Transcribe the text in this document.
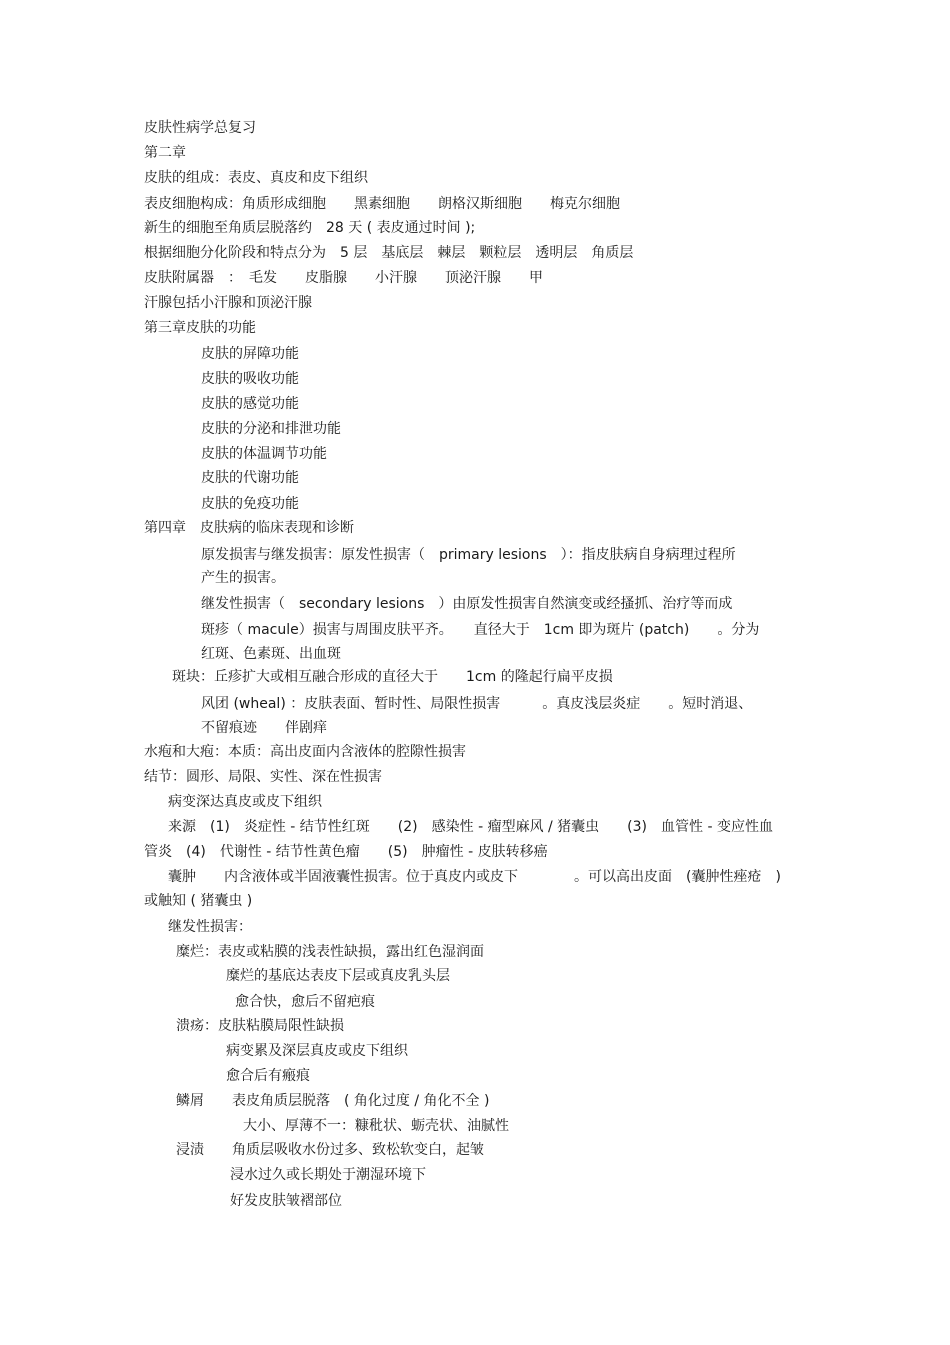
皮肤性病学总复习
第二章
皮肤的组成：表皮、真皮和皮下组织
表皮细胞构成：角质形成细胞　　黑素细胞　　朗格汉斯细胞　　梅克尔细胞
新生的细胞至角质层脱落约　28 天 ( 表皮通过时间 );
根据细胞分化阶段和特点分为　5 层　基底层　棘层　颗粒层　透明层　角质层
皮肤附属器　：　毛发　　皮脂腺　　小汗腺　　顶泌汗腺　　甲
汗腺包括小汗腺和顶泌汗腺
第三章皮肤的功能
皮肤的屏障功能
皮肤的吸收功能
皮肤的感觉功能
皮肤的分泌和排泄功能
皮肤的体温调节功能
皮肤的代谢功能
皮肤的免疫功能
第四章　皮肤病的临床表现和诊断
原发损害与继发损害：原发性损害（　primary lesions　）：指皮肤病自身病理过程所
产生的损害。
继发性损害（　secondary lesions　）由原发性损害自然演变或经搔抓、治疗等而成
斑疹（ macule）损害与周围皮肤平齐。　　直径大于　1cm 即为斑片 (patch)　　。分为
红斑、色素斑、出血斑
斑块：丘疹扩大或相互融合形成的直径大于　　1cm 的隆起行扁平皮损
风团 (wheal) ：皮肤表面、暂时性、局限性损害　　　。真皮浅层炎症　　。短时消退、
不留痕迹　　伴剧痒
水疱和大疱：本质：高出皮面内含液体的腔隙性损害
结节：圆形、局限、实性、深在性损害
病变深达真皮或皮下组织
来源　(1)　炎症性 - 结节性红斑　　(2)　感染性 - 瘤型麻风 / 猪囊虫　　(3)　血管性 - 变应性血
管炎　(4)　代谢性 - 结节性黄色瘤　　(5)　肿瘤性 - 皮肤转移癌
囊肿　　内含液体或半固液囊性损害。位于真皮内或皮下　　　　。可以高出皮面　(囊肿性痤疮　)
或触知 ( 猪囊虫 )
继发性损害：
糜烂：表皮或粘膜的浅表性缺损，露出红色湿润面
糜烂的基底达表皮下层或真皮乳头层
愈合快，愈后不留疤痕
溃疡：皮肤粘膜局限性缺损
病变累及深层真皮或皮下组织
愈合后有瘢痕
鳞屑　　表皮角质层脱落　( 角化过度 / 角化不全 )
大小、厚薄不一：糠秕状、蛎壳状、油腻性
浸渍　　角质层吸收水份过多、致松软变白，起皱
浸水过久或长期处于潮湿环境下
好发皮肤皱褶部位
